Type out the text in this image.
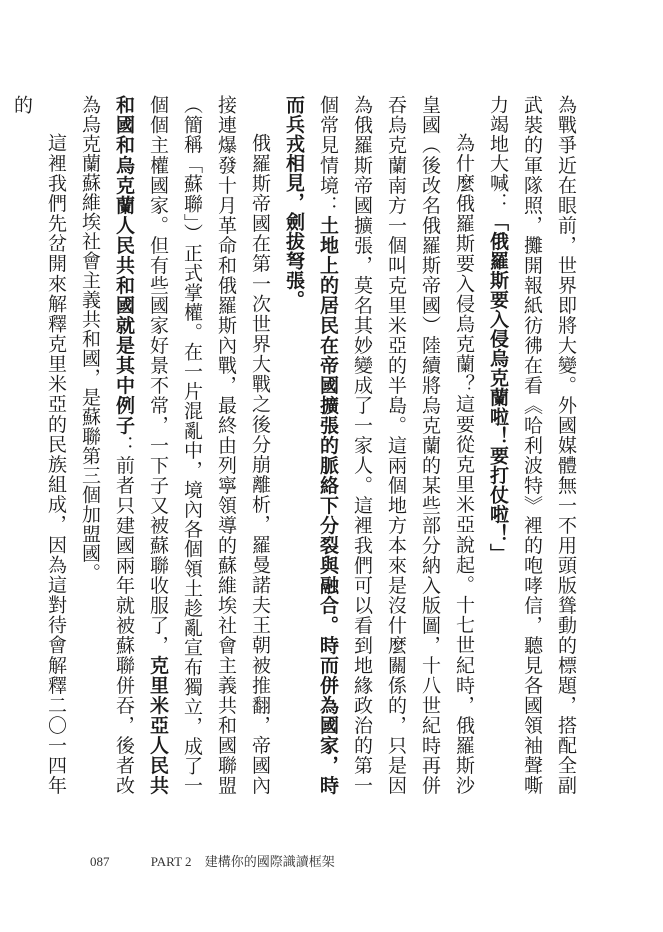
為戰爭近在眼前，世界即將大變。外國媒體無一不用頭版聳動的標題，搭配全副武裝的軍隊照，攤開報紙彷彿在看《哈利波特》裡的咆哮信，聽見各國領袖聲嘶力竭地大喊：「俄羅斯要入侵烏克蘭啦！要打仗啦！」

為什麼俄羅斯要入侵烏克蘭？這要從克里米亞說起。十七世紀時，俄羅斯沙皇國（後改名俄羅斯帝國）陸續將烏克蘭的某些部分納入版圖，十八世紀時再併吞烏克蘭南方一個叫克里米亞的半島。這兩個地方本來是沒什麼關係的，只是因為俄羅斯帝國擴張，莫名其妙變成了一家人。這裡我們可以看到地緣政治的第一個常見情境：土地上的居民在帝國擴張的脈絡下分裂與融合。時而併為國家，時而兵戎相見，劍拔弩張。

俄羅斯帝國在第一次世界大戰之後分崩離析，羅曼諾夫王朝被推翻，帝國內接連爆發十月革命和俄羅斯內戰，最終由列寧領導的蘇維埃社會主義共和國聯盟（簡稱「蘇聯」）正式掌權。在一片混亂中，境內各個領土趁亂宣布獨立，成了一個個主權國家。但有些國家好景不常，一下子又被蘇聯收服了，克里米亞人民共和國和烏克蘭人民共和國就是其中例子：前者只建國兩年就被蘇聯併吞，後者改為烏克蘭蘇維埃社會主義共和國，是蘇聯第三個加盟國。

這裡我們先岔開來解釋克里米亞的民族組成，因為這對待會解釋二〇一四年的

087	PART 2 建構你的國際識讀框架
